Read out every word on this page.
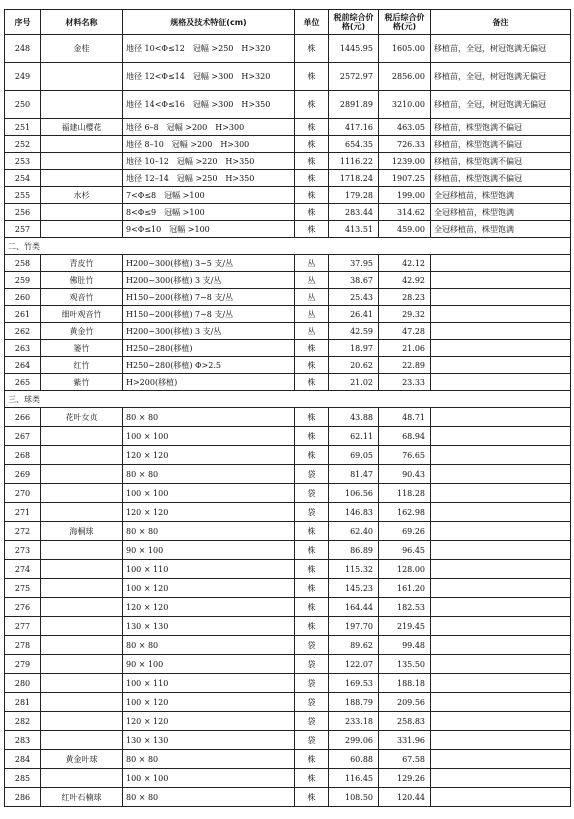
序号	材料名称	规格及技术特征(cm)	单位	税前综合价格(元)	税后综合价格(元)	备注
248	金桂	地径 10<Φ≤12　冠幅 >250　H>320	株	1445.95	1605.00	移植苗，全冠，树冠饱满无偏冠
249		地径 12<Φ≤14　冠幅 >300　H>320	株	2572.97	2856.00	移植苗，全冠，树冠饱满无偏冠
250		地径 14<Φ≤16　冠幅 >300　H>350	株	2891.89	3210.00	移植苗，全冠，树冠饱满无偏冠
251	福建山樱花	地径 6–8　冠幅 >200　H>300	株	417.16	463.05	移植苗，株型饱满不偏冠
252		地径 8–10　冠幅 >200　H>300	株	654.35	726.33	移植苗，株型饱满不偏冠
253		地径 10–12　冠幅 >220　H>350	株	1116.22	1239.00	移植苗，株型饱满不偏冠
254		地径 12–14　冠幅 >250　H>350	株	1718.24	1907.25	移植苗，株型饱满不偏冠
255	水杉	7<Φ≤8　冠幅 >100	株	179.28	199.00	全冠移植苗，株型饱满
256		8<Φ≤9　冠幅 >100	株	283.44	314.62	全冠移植苗，株型饱满
257		9<Φ≤10　冠幅 >100	株	413.51	459.00	全冠移植苗，株型饱满
二、竹类						
258	青皮竹	H200~300(移植) 3~5 支/丛	丛	37.95	42.12	
259	佛肚竹	H200~300(移植) 3 支/丛	丛	38.67	42.92	
260	观音竹	H150~200(移植) 7~8 支/丛	丛	25.43	28.23	
261	细叶观音竹	H150~200(移植) 7~8 支/丛	丛	26.41	29.32	
262	黄金竹	H200~300(移植) 3 支/丛	丛	42.59	47.28	
263	篓竹	H250~280(移植)	株	18.97	21.06	
264	红竹	H250~280(移植) Φ>2.5	株	20.62	22.89	
265	紫竹	H>200(移植)	株	21.02	23.33	
三、球类						
266	花叶女贞	80 × 80	株	43.88	48.71	
267		100 × 100	株	62.11	68.94	
268		120 × 120	株	69.05	76.65	
269		80 × 80	袋	81.47	90.43	
270		100 × 100	袋	106.56	118.28	
271		120 × 120	袋	146.83	162.98	
272	海桐球	80 × 80	株	62.40	69.26	
273		90 × 100	株	86.89	96.45	
274		100 × 110	株	115.32	128.00	
275		100 × 120	株	145.23	161.20	
276		120 × 120	株	164.44	182.53	
277		130 × 130	株	197.70	219.45	
278		80 × 80	袋	89.62	99.48	
279		90 × 100	袋	122.07	135.50	
280		100 × 110	袋	169.53	188.18	
281		100 × 120	袋	188.79	209.56	
282		120 × 120	袋	233.18	258.83	
283		130 × 130	袋	299.06	331.96	
284	黄金叶球	80 × 80	株	60.88	67.58	
285		100 × 100	株	116.45	129.26	
286	红叶石楠球	80 × 80	株	108.50	120.44	
